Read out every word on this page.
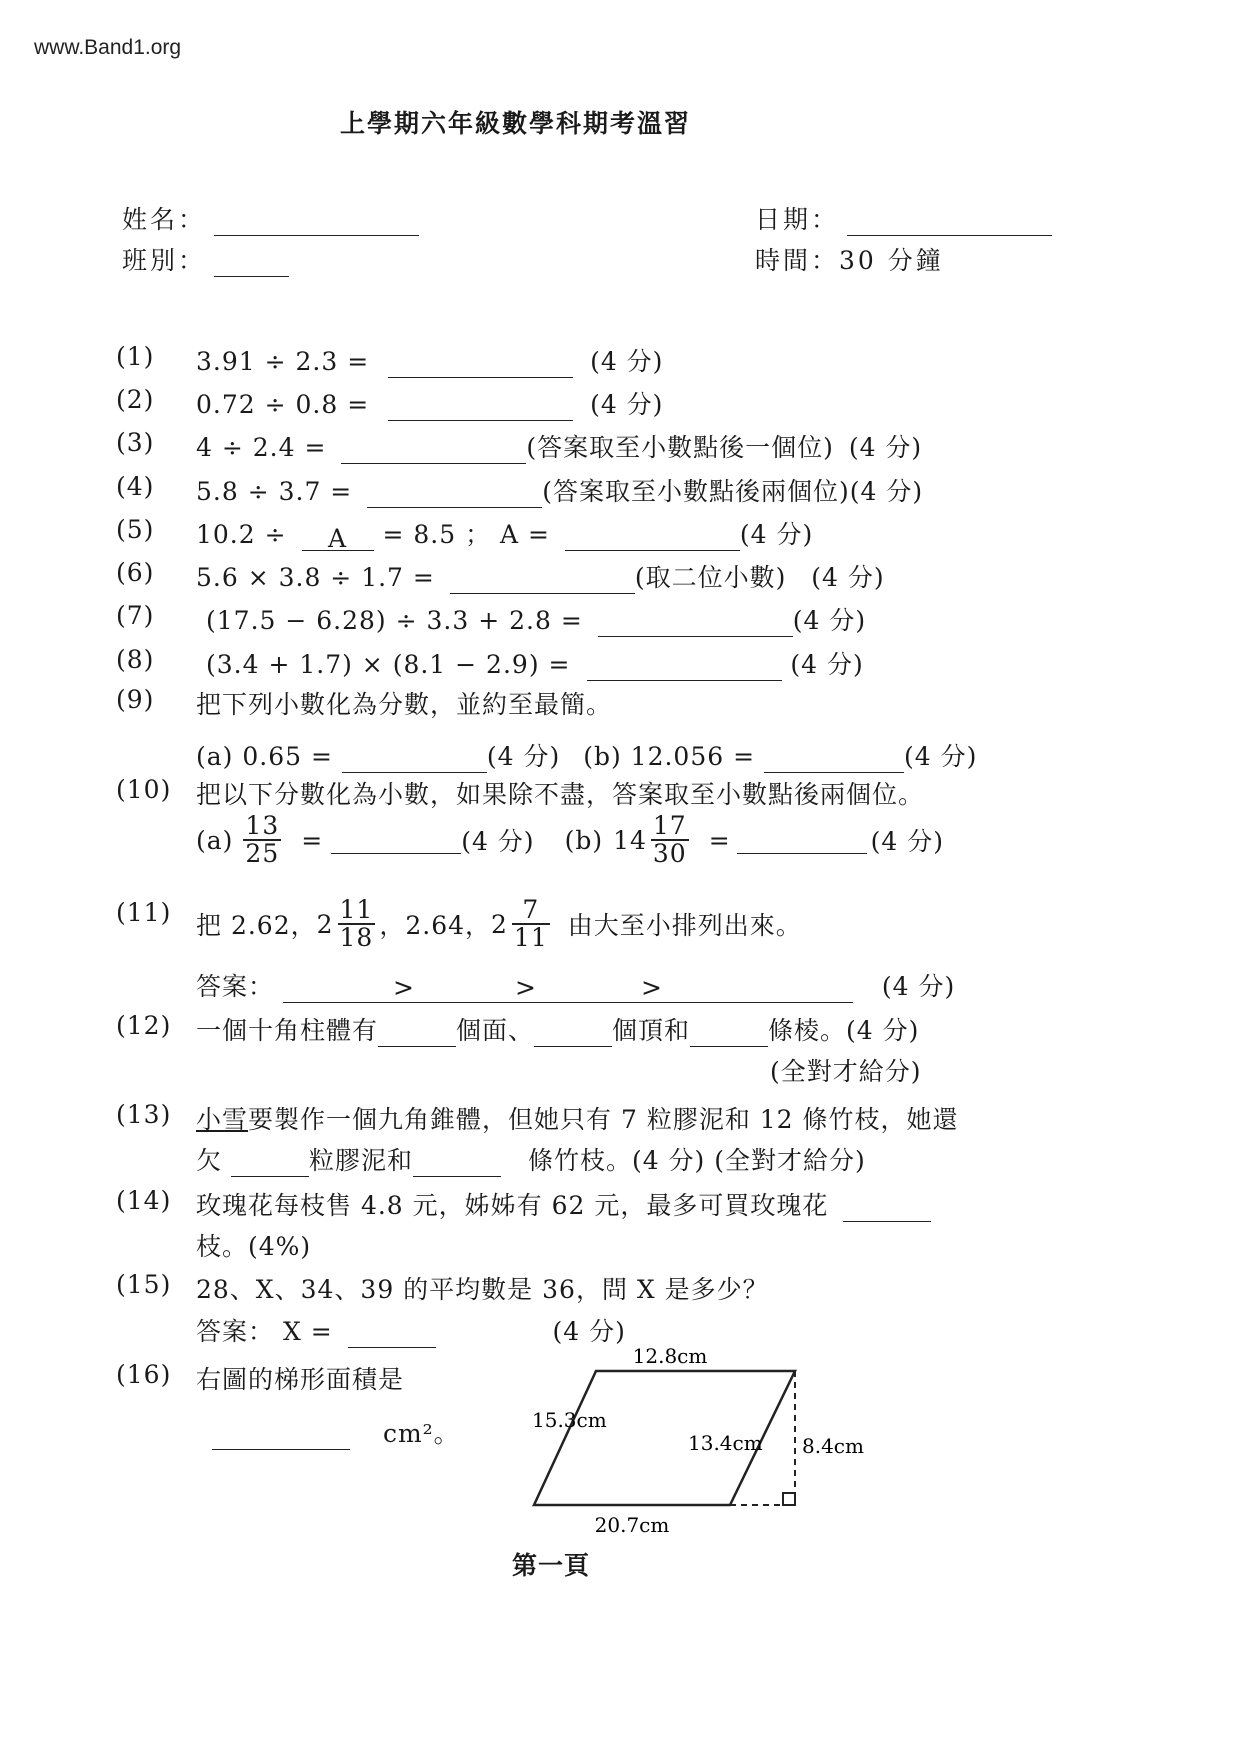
www.Band1.org
上學期六年級數學科期考溫習
姓名：	日期：
班別：	時間：30 分鐘
(1) 3.91 ÷ 2.3 =	(4 分)
(2) 0.72 ÷ 0.8 =	(4 分)
(3) 4 ÷ 2.4 =	(答案取至小數點後一個位) (4 分)
(4) 5.8 ÷ 3.7 =	(答案取至小數點後兩個位)(4 分)
(5) 10.2 ÷ A = 8.5 ； A =	(4 分)
(6) 5.6 × 3.8 ÷ 1.7 =	(取二位小數) (4 分)
(7) (17.5 − 6.28) ÷ 3.3 + 2.8 =	(4 分)
(8) (3.4 + 1.7) × (8.1 − 2.9) =	(4 分)
(9) 把下列小數化為分數，並約至最簡。
(a) 0.65 =	(4 分) (b) 12.056 =	(4 分)
(10) 把以下分數化為小數，如果除不盡，答案取至小數點後兩個位。
$(a) \frac{13}{25}$ =	(4 分) (b) $14 \frac{17}{30}$ =	(4 分)
(11) 把 2.62， $2 \frac{11}{18}$ ，2.64， $2 \frac{7}{11}$ 由大至小排列出來。
答案：	>	>	>	(4 分)
(12) 一個十角柱體有	個面、	個頂和	條棱。(4 分)
(全對才給分)
(13) 小雪要製作一個九角錐體，但她只有 7 粒膠泥和 12 條竹枝，她還
欠	粒膠泥和	條竹枝。(4 分) (全對才給分)
(14) 玫瑰花每枝售 4.8 元，姊姊有 62 元，最多可買玫瑰花
枝。(4%)
(15) 28、X、34、39 的平均數是 36，問 X 是多少？
答案： X =	(4 分)
(16) 右圖的梯形面積是
cm²。
12.8cm
15.3cm
13.4cm 8.4cm
20.7cm
第一頁
